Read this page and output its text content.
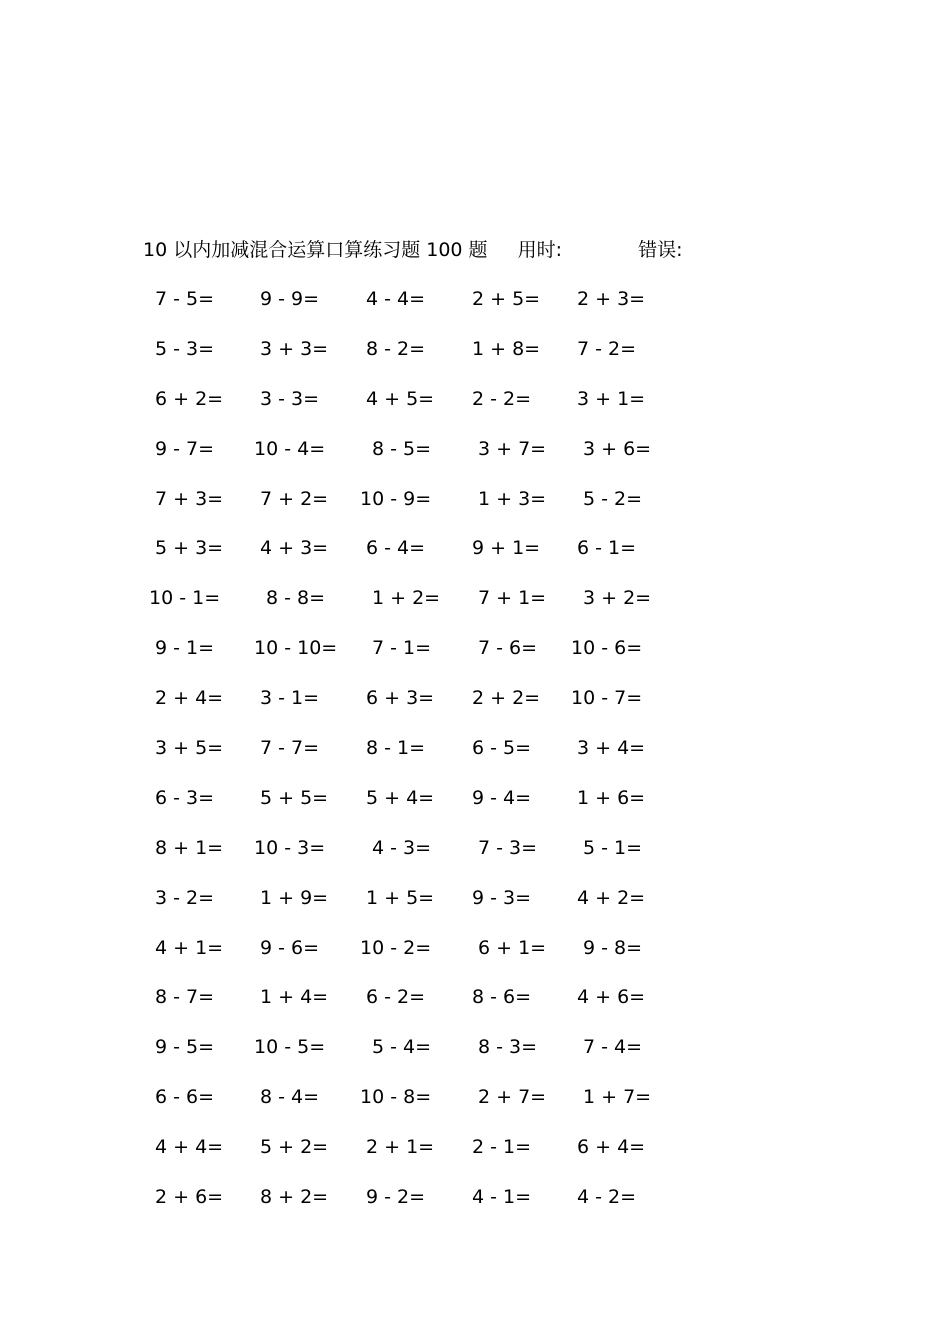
10 以内加减混合运算口算练习题 100 题 用时:	错误:
7 - 5= 9 - 9= 4 - 4= 2 + 5= 2 + 3=
5 - 3= 3 + 3= 8 - 2= 1 + 8= 7 - 2=
6 + 2= 3 - 3= 4 + 5= 2 - 2= 3 + 1=
9 - 7= 10 - 4= 8 - 5= 3 + 7= 3 + 6=
7 + 3= 7 + 2= 10 - 9= 1 + 3= 5 - 2=
5 + 3= 4 + 3= 6 - 4= 9 + 1= 6 - 1=
10 - 1= 8 - 8= 1 + 2= 7 + 1= 3 + 2=
9 - 1= 10 - 10= 7 - 1= 7 - 6= 10 - 6=
2 + 4= 3 - 1= 6 + 3= 2 + 2= 10 - 7=
3 + 5= 7 - 7= 8 - 1= 6 - 5= 3 + 4=
6 - 3= 5 + 5= 5 + 4= 9 - 4= 1 + 6=
8 + 1= 10 - 3= 4 - 3= 7 - 3= 5 - 1=
3 - 2= 1 + 9= 1 + 5= 9 - 3= 4 + 2=
4 + 1= 9 - 6= 10 - 2= 6 + 1= 9 - 8=
8 - 7= 1 + 4= 6 - 2= 8 - 6= 4 + 6=
9 - 5= 10 - 5= 5 - 4= 8 - 3= 7 - 4=
6 - 6= 8 - 4= 10 - 8= 2 + 7= 1 + 7=
4 + 4= 5 + 2= 2 + 1= 2 - 1= 6 + 4=
2 + 6= 8 + 2= 9 - 2= 4 - 1= 4 - 2=
